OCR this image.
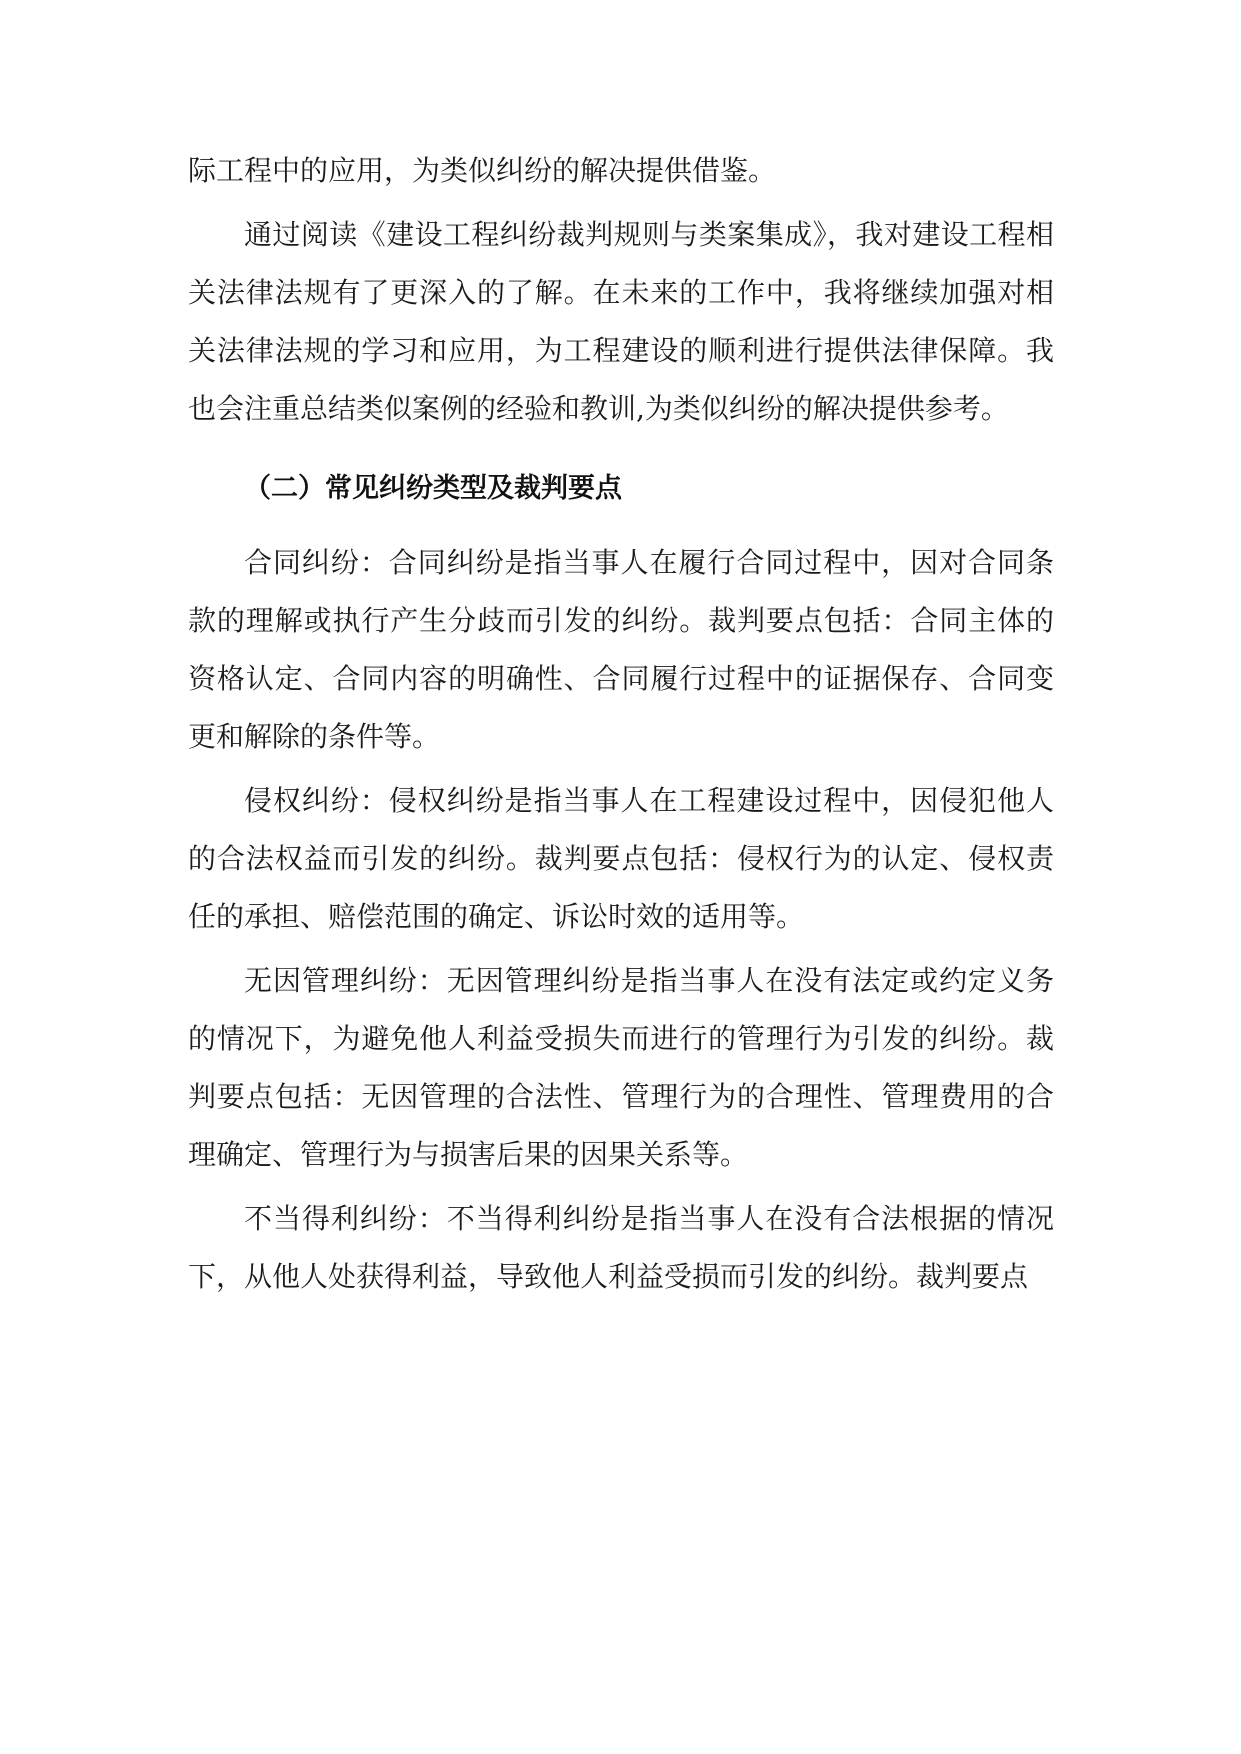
际工程中的应用，为类似纠纷的解决提供借鉴。

通过阅读《建设工程纠纷裁判规则与类案集成》，我对建设工程相关法律法规有了更深入的了解。在未来的工作中，我将继续加强对相关法律法规的学习和应用，为工程建设的顺利进行提供法律保障。我也会注重总结类似案例的经验和教训,为类似纠纷的解决提供参考。

（二）常见纠纷类型及裁判要点

合同纠纷：合同纠纷是指当事人在履行合同过程中，因对合同条款的理解或执行产生分歧而引发的纠纷。裁判要点包括：合同主体的资格认定、合同内容的明确性、合同履行过程中的证据保存、合同变更和解除的条件等。

侵权纠纷：侵权纠纷是指当事人在工程建设过程中，因侵犯他人的合法权益而引发的纠纷。裁判要点包括：侵权行为的认定、侵权责任的承担、赔偿范围的确定、诉讼时效的适用等。

无因管理纠纷：无因管理纠纷是指当事人在没有法定或约定义务的情况下，为避免他人利益受损失而进行的管理行为引发的纠纷。裁判要点包括：无因管理的合法性、管理行为的合理性、管理费用的合理确定、管理行为与损害后果的因果关系等。

不当得利纠纷：不当得利纠纷是指当事人在没有合法根据的情况下，从他人处获得利益，导致他人利益受损而引发的纠纷。裁判要点
